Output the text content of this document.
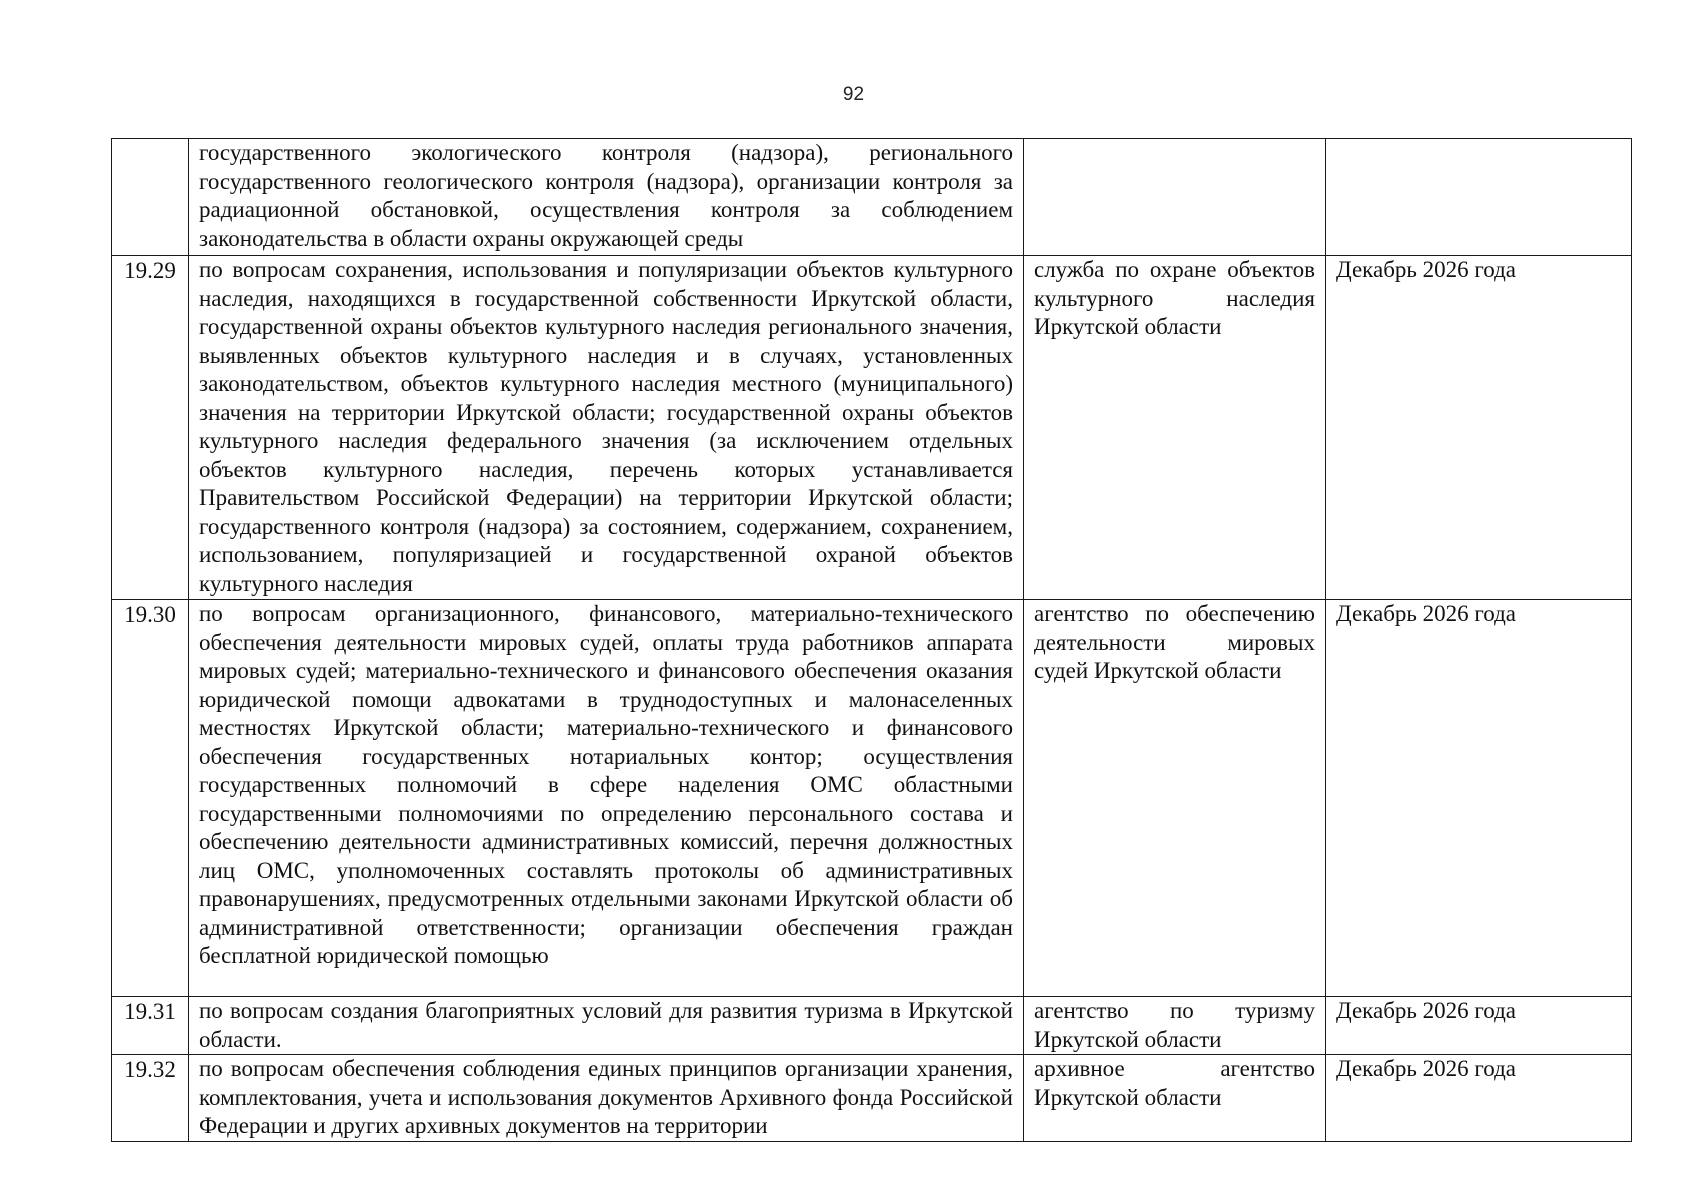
92
	государственного экологического контроля (надзора), регионального государственного геологического контроля (надзора), организации контроля за радиационной обстановкой, осуществления контроля за соблюдением законодательства в области охраны окружающей среды		
19.29	по вопросам сохранения, использования и популяризации объектов культурного наследия, находящихся в государственной собственности Иркутской области, государственной охраны объектов культурного наследия регионального значения, выявленных объектов культурного наследия и в случаях, установленных законодательством, объектов культурного наследия местного (муниципального) значения на территории Иркутской области; государственной охраны объектов культурного наследия федерального значения (за исключением отдельных объектов культурного наследия, перечень которых устанавливается Правительством Российской Федерации) на территории Иркутской области; государственного контроля (надзора) за состоянием, содержанием, сохранением, использованием, популяризацией и государственной охраной объектов культурного наследия	служба по охране объектов культурного наследия Иркутской области	Декабрь 2026 года
19.30	по вопросам организационного, финансового, материально-технического обеспечения деятельности мировых судей, оплаты труда работников аппарата мировых судей; материально-технического и финансового обеспечения оказания юридической помощи адвокатами в труднодоступных и малонаселенных местностях Иркутской области; материально-технического и финансового обеспечения государственных нотариальных контор; осуществления государственных полномочий в сфере наделения ОМС областными государственными полномочиями по определению персонального состава и обеспечению деятельности административных комиссий, перечня должностных лиц ОМС, уполномоченных составлять протоколы об административных правонарушениях, предусмотренных отдельными законами Иркутской области об административной ответственности; организации обеспечения граждан бесплатной юридической помощью	агентство по обеспечению деятельности мировых судей Иркутской области	Декабрь 2026 года
19.31	по вопросам создания благоприятных условий для развития туризма в Иркутской области.	агентство по туризму Иркутской области	Декабрь 2026 года
19.32	по вопросам обеспечения соблюдения единых принципов организации хранения, комплектования, учета и использования документов Архивного фонда Российской Федерации и других архивных документов на территории	архивное агентство Иркутской области	Декабрь 2026 года
